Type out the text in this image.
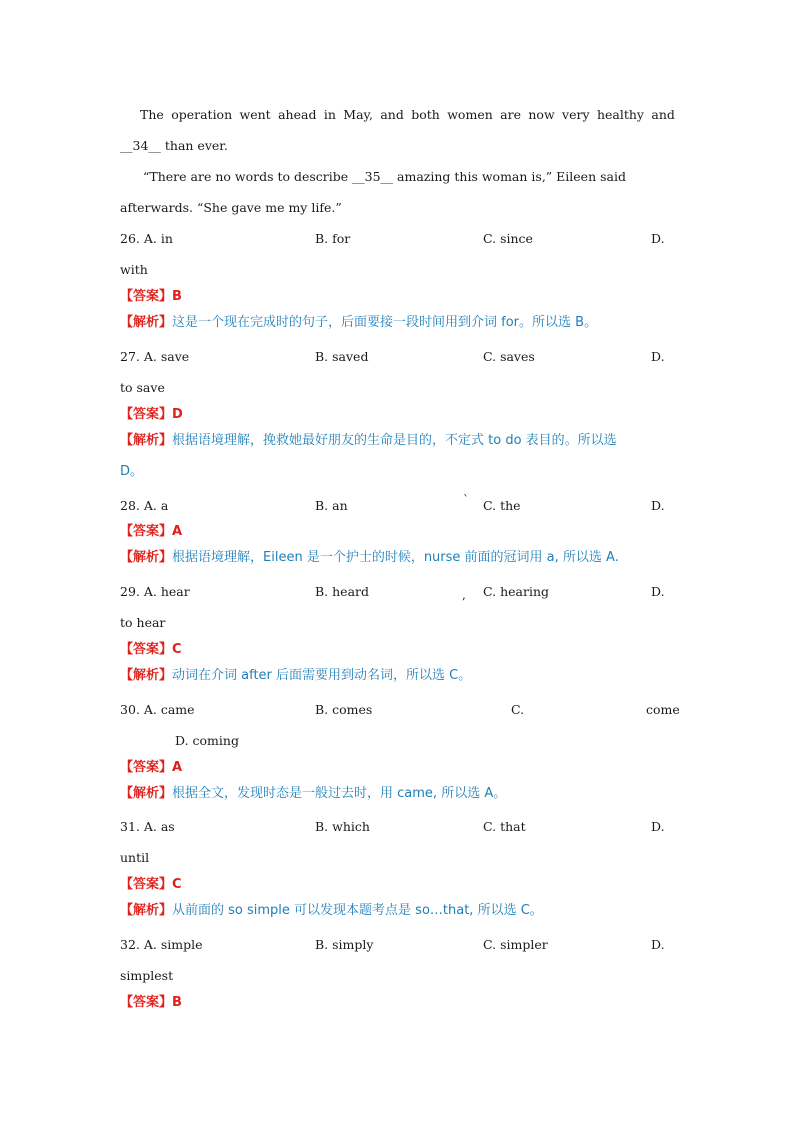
The operation went ahead in May, and both women are now very healthy and
__34__ than ever.
“There are no words to describe __35__ amazing this woman is,” Eileen said
afterwards. “She gave me my life.”
26. A. in	B. for	C. since	D.
with
【答案】B
【解析】这是一个现在完成时的句子，后面要接一段时间用到介词 for。所以选 B。
27. A. save	B. saved	C. saves	D.
to save
【答案】D
【解析】根据语境理解，挽救她最好朋友的生命是目的，不定式 to do 表目的。所以选
D。
28. A. a	B. an	` C. the	D.
【答案】A
【解析】根据语境理解，Eileen 是一个护士的时候，nurse 前面的冠词用 a, 所以选 A.
29. A. hear	B. heard	, C. hearing	D.
to hear
【答案】C
【解析】动词在介词 after 后面需要用到动名词，所以选 C。
30. A. came	B. comes	C.	come
D. coming
【答案】A
【解析】根据全文，发现时态是一般过去时，用 came, 所以选 A。
31. A. as	B. which	C. that	D.
until
【答案】C
【解析】从前面的 so simple 可以发现本题考点是 so…that, 所以选 C。
32. A. simple	B. simply	C. simpler	D.
simplest
【答案】B
